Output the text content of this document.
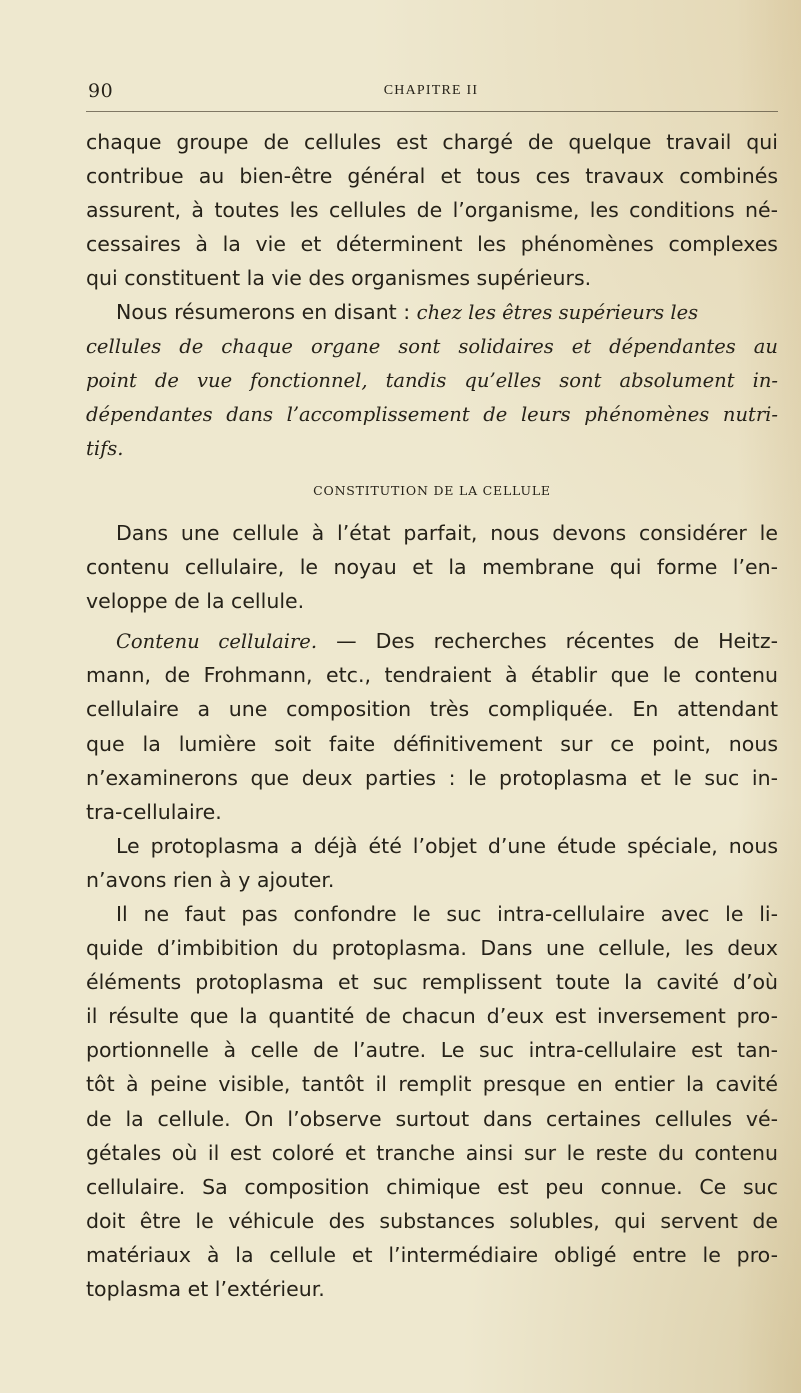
90	CHAPITRE II
chaque groupe de cellules est chargé de quelque travail qui
contribue au bien-être général et tous ces travaux combinés
assurent, à toutes les cellules de l’organisme, les conditions né-
cessaires à la vie et déterminent les phénomènes complexes
qui constituent la vie des organismes supérieurs.
Nous résumerons en disant : chez les êtres supérieurs les
cellules de chaque organe sont solidaires et dépendantes au
point de vue fonctionnel, tandis qu’elles sont absolument in-
dépendantes dans l’accomplissement de leurs phénomènes nutri-
tifs.
CONSTITUTION DE LA CELLULE
Dans une cellule à l’état parfait, nous devons considérer le
contenu cellulaire, le noyau et la membrane qui forme l’en-
veloppe de la cellule.
Contenu cellulaire. — Des recherches récentes de Heitz-
mann, de Frohmann, etc., tendraient à établir que le contenu
cellulaire a une composition très compliquée. En attendant
que la lumière soit faite définitivement sur ce point, nous
n’examinerons que deux parties : le protoplasma et le suc in-
tra-cellulaire.
Le protoplasma a déjà été l’objet d’une étude spéciale, nous
n’avons rien à y ajouter.
Il ne faut pas confondre le suc intra-cellulaire avec le li-
quide d’imbibition du protoplasma. Dans une cellule, les deux
éléments protoplasma et suc remplissent toute la cavité d’où
il résulte que la quantité de chacun d’eux est inversement pro-
portionnelle à celle de l’autre. Le suc intra-cellulaire est tan-
tôt à peine visible, tantôt il remplit presque en entier la cavité
de la cellule. On l’observe surtout dans certaines cellules vé-
gétales où il est coloré et tranche ainsi sur le reste du contenu
cellulaire. Sa composition chimique est peu connue. Ce suc
doit être le véhicule des substances solubles, qui servent de
matériaux à la cellule et l’intermédiaire obligé entre le pro-
toplasma et l’extérieur.
